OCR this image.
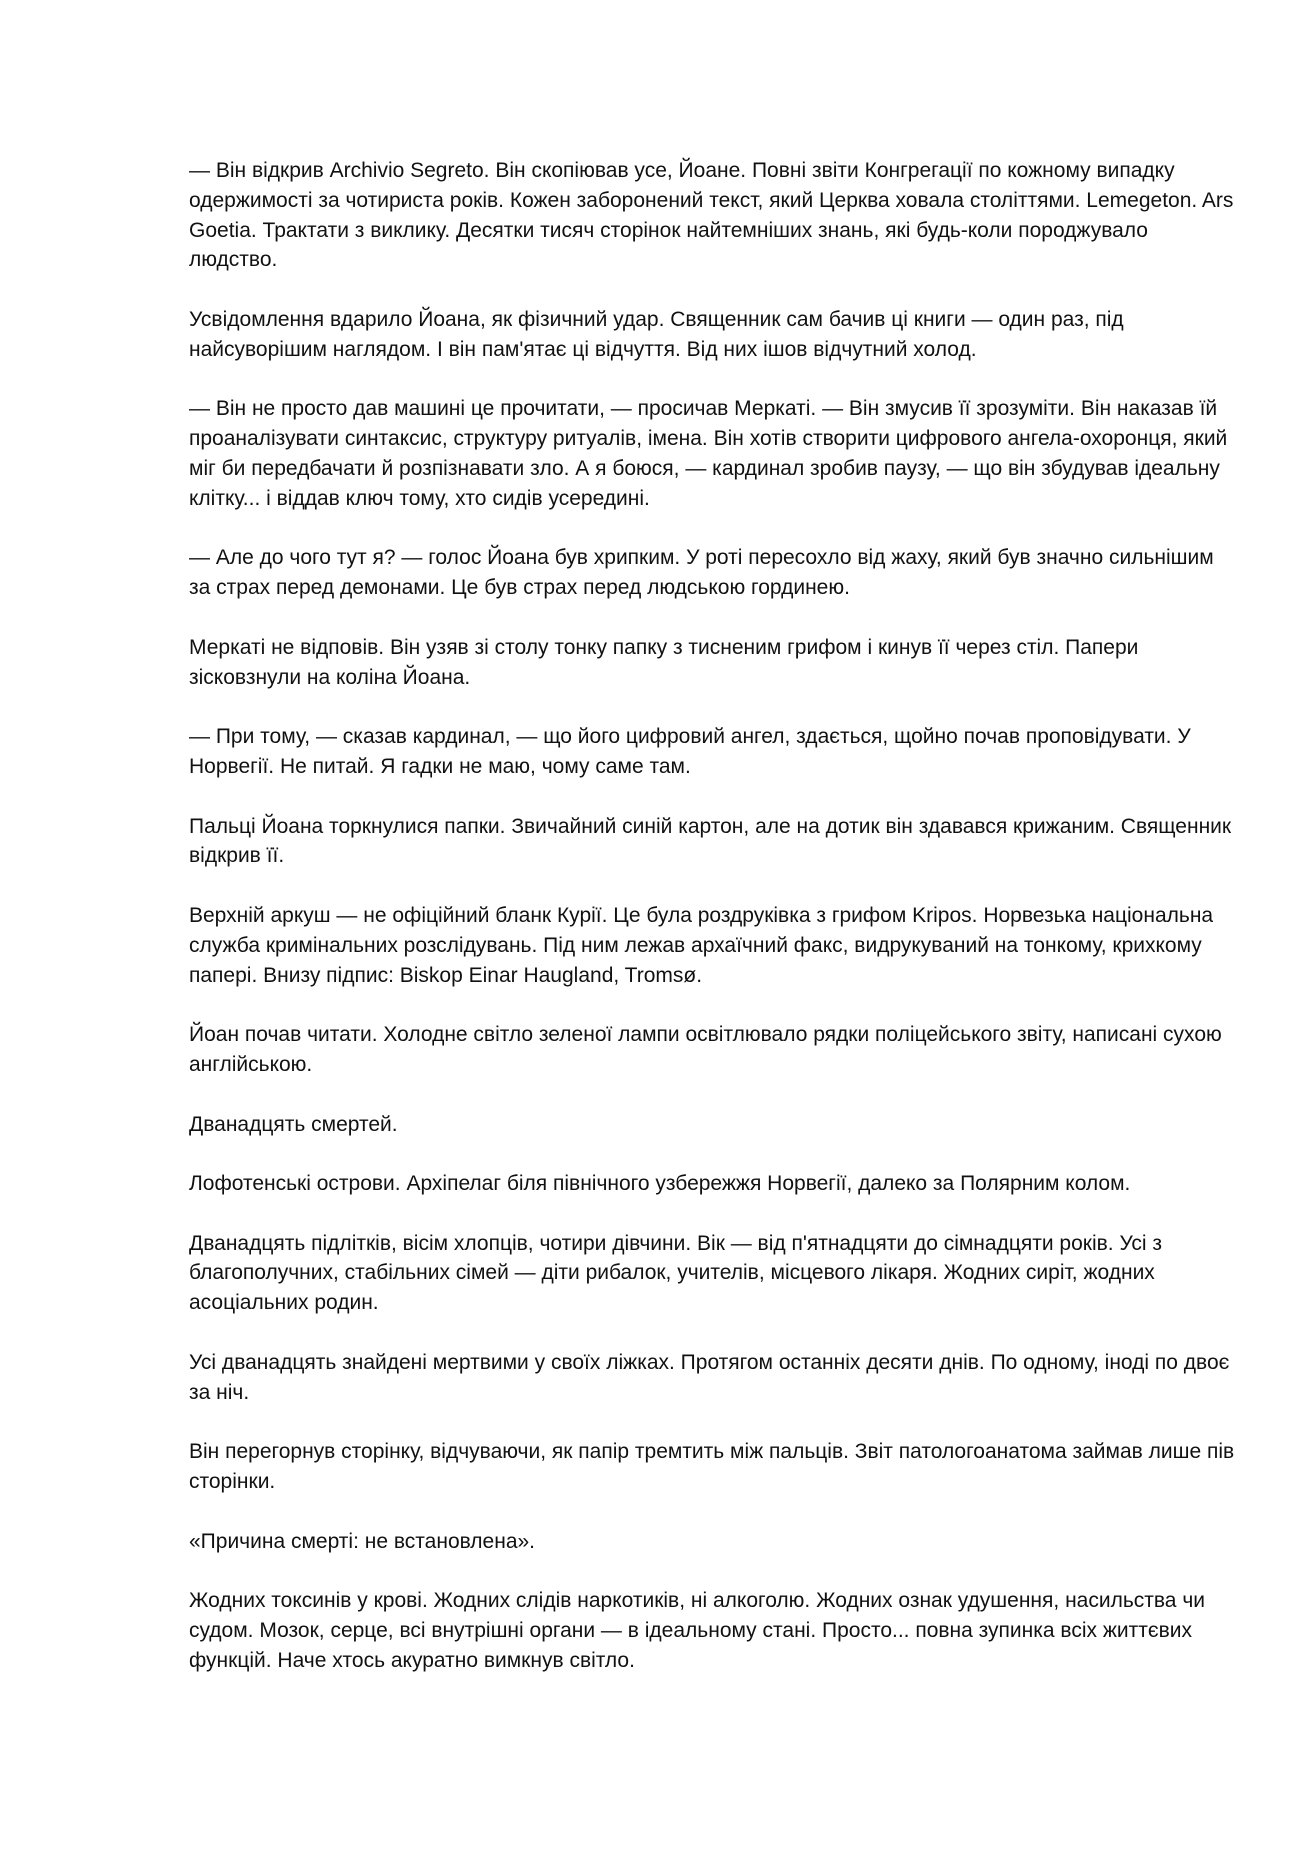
— Він відкрив Archivio Segreto. Він скопіював усе, Йоане. Повні звіти Конгрегації по кожному випадку одержимості за чотириста років. Кожен заборонений текст, який Церква ховала століттями. Lemegeton. Ars Goetia. Трактати з виклику. Десятки тисяч сторінок найтемніших знань, які будь-коли породжувало людство.

Усвідомлення вдарило Йоана, як фізичний удар. Священник сам бачив ці книги — один раз, під найсуворішим наглядом. І він пам'ятає ці відчуття. Від них ішов відчутний холод.

— Він не просто дав машині це прочитати, — просичав Меркаті. — Він змусив її зрозуміти. Він наказав їй проаналізувати синтаксис, структуру ритуалів, імена. Він хотів створити цифрового ангела-охоронця, який міг би передбачати й розпізнавати зло. А я боюся, — кардинал зробив паузу, — що він збудував ідеальну клітку... і віддав ключ тому, хто сидів усередині.

— Але до чого тут я? — голос Йоана був хрипким. У роті пересохло від жаху, який був значно сильнішим за страх перед демонами. Це був страх перед людською гординею.

Меркаті не відповів. Він узяв зі столу тонку папку з тисненим грифом і кинув її через стіл. Папери зісковзнули на коліна Йоана.

— При тому, — сказав кардинал, — що його цифровий ангел, здається, щойно почав проповідувати. У Норвегії. Не питай. Я гадки не маю, чому саме там.

Пальці Йоана торкнулися папки. Звичайний синій картон, але на дотик він здавався крижаним. Священник відкрив її.

Верхній аркуш — не офіційний бланк Курії. Це була роздруківка з грифом Kripos. Норвезька національна служба кримінальних розслідувань. Під ним лежав архаїчний факс, видрукуваний на тонкому, крихкому папері. Внизу підпис: Biskop Einar Haugland, Tromsø.

Йоан почав читати. Холодне світло зеленої лампи освітлювало рядки поліцейського звіту, написані сухою англійською.

Дванадцять смертей.

Лофотенські острови. Архіпелаг біля північного узбережжя Норвегії, далеко за Полярним колом.

Дванадцять підлітків, вісім хлопців, чотири дівчини. Вік — від п'ятнадцяти до сімнадцяти років. Усі з благополучних, стабільних сімей — діти рибалок, учителів, місцевого лікаря. Жодних сиріт, жодних асоціальних родин.

Усі дванадцять знайдені мертвими у своїх ліжках. Протягом останніх десяти днів. По одному, іноді по двоє за ніч.

Він перегорнув сторінку, відчуваючи, як папір тремтить між пальців. Звіт патологоанатома займав лише пів сторінки.

«Причина смерті: не встановлена».

Жодних токсинів у крові. Жодних слідів наркотиків, ні алкоголю. Жодних ознак удушення, насильства чи судом. Мозок, серце, всі внутрішні органи — в ідеальному стані. Просто... повна зупинка всіх життєвих функцій. Наче хтось акуратно вимкнув світло.
